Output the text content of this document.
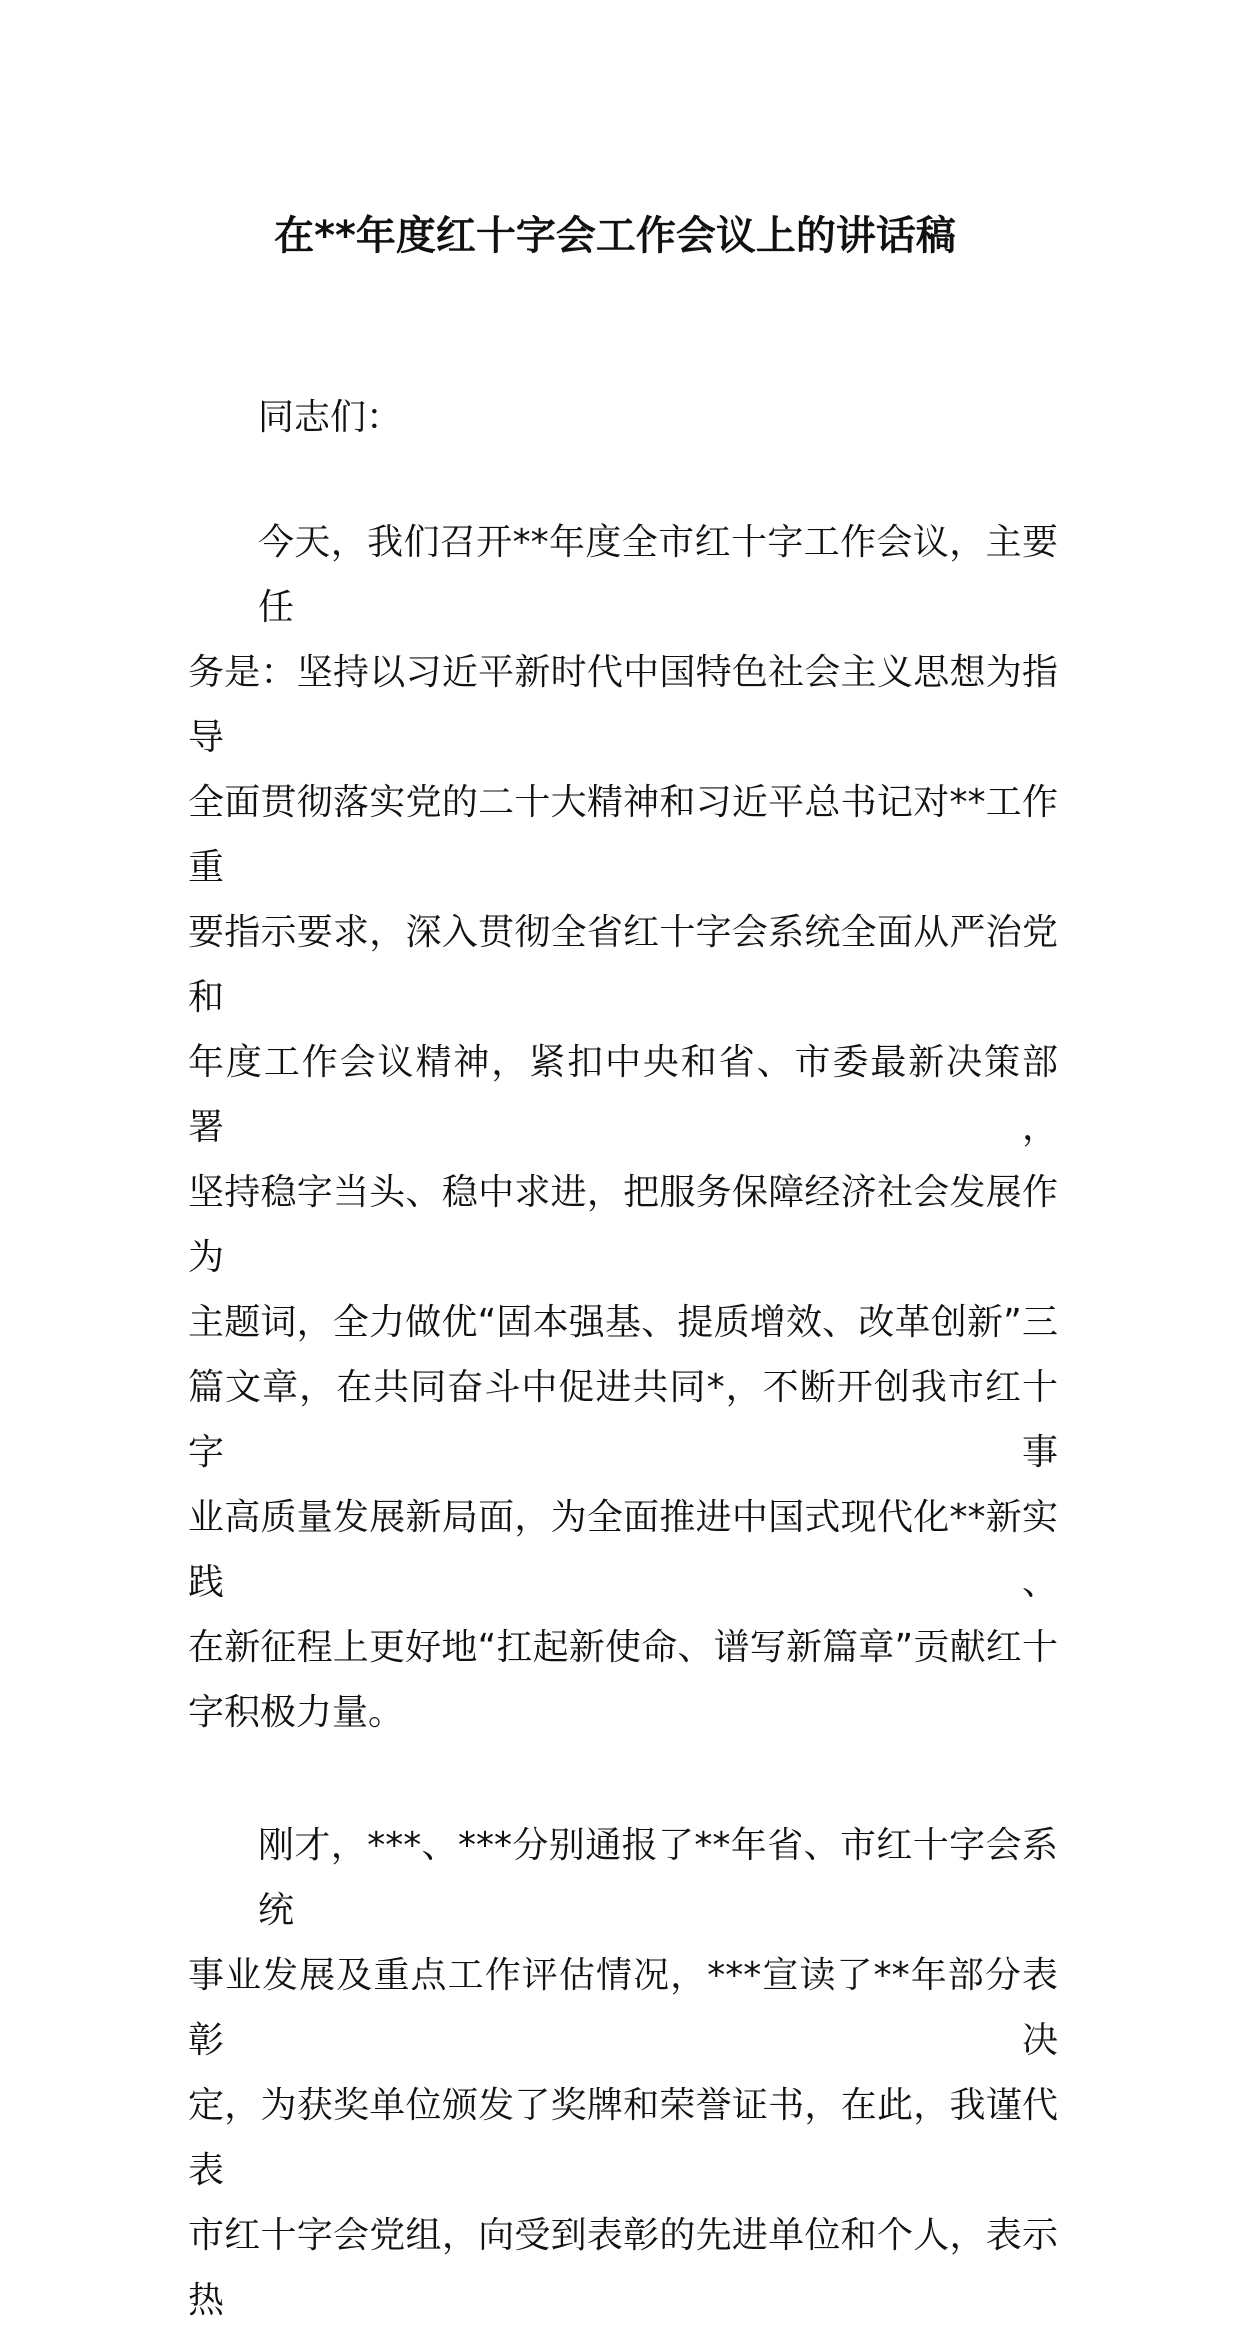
在**年度红十字会工作会议上的讲话稿
同志们：
今天，我们召开**年度全市红十字工作会议，主要任
务是：坚持以习近平新时代中国特色社会主义思想为指导
全面贯彻落实党的二十大精神和习近平总书记对**工作重
要指示要求，深入贯彻全省红十字会系统全面从严治党和
年度工作会议精神，紧扣中央和省、市委最新决策部署，
坚持稳字当头、稳中求进，把服务保障经济社会发展作为
主题词，全力做优“固本强基、提质增效、改革创新”三
篇文章，在共同奋斗中促进共同*，不断开创我市红十字事
业高质量发展新局面，为全面推进中国式现代化**新实践、
在新征程上更好地“扛起新使命、谱写新篇章”贡献红十
字积极力量。
刚才，***、***分别通报了**年省、市红十字会系统
事业发展及重点工作评估情况，***宣读了**年部分表彰决
定，为获奖单位颁发了奖牌和荣誉证书，在此，我谨代表
市红十字会党组，向受到表彰的先进单位和个人，表示热
